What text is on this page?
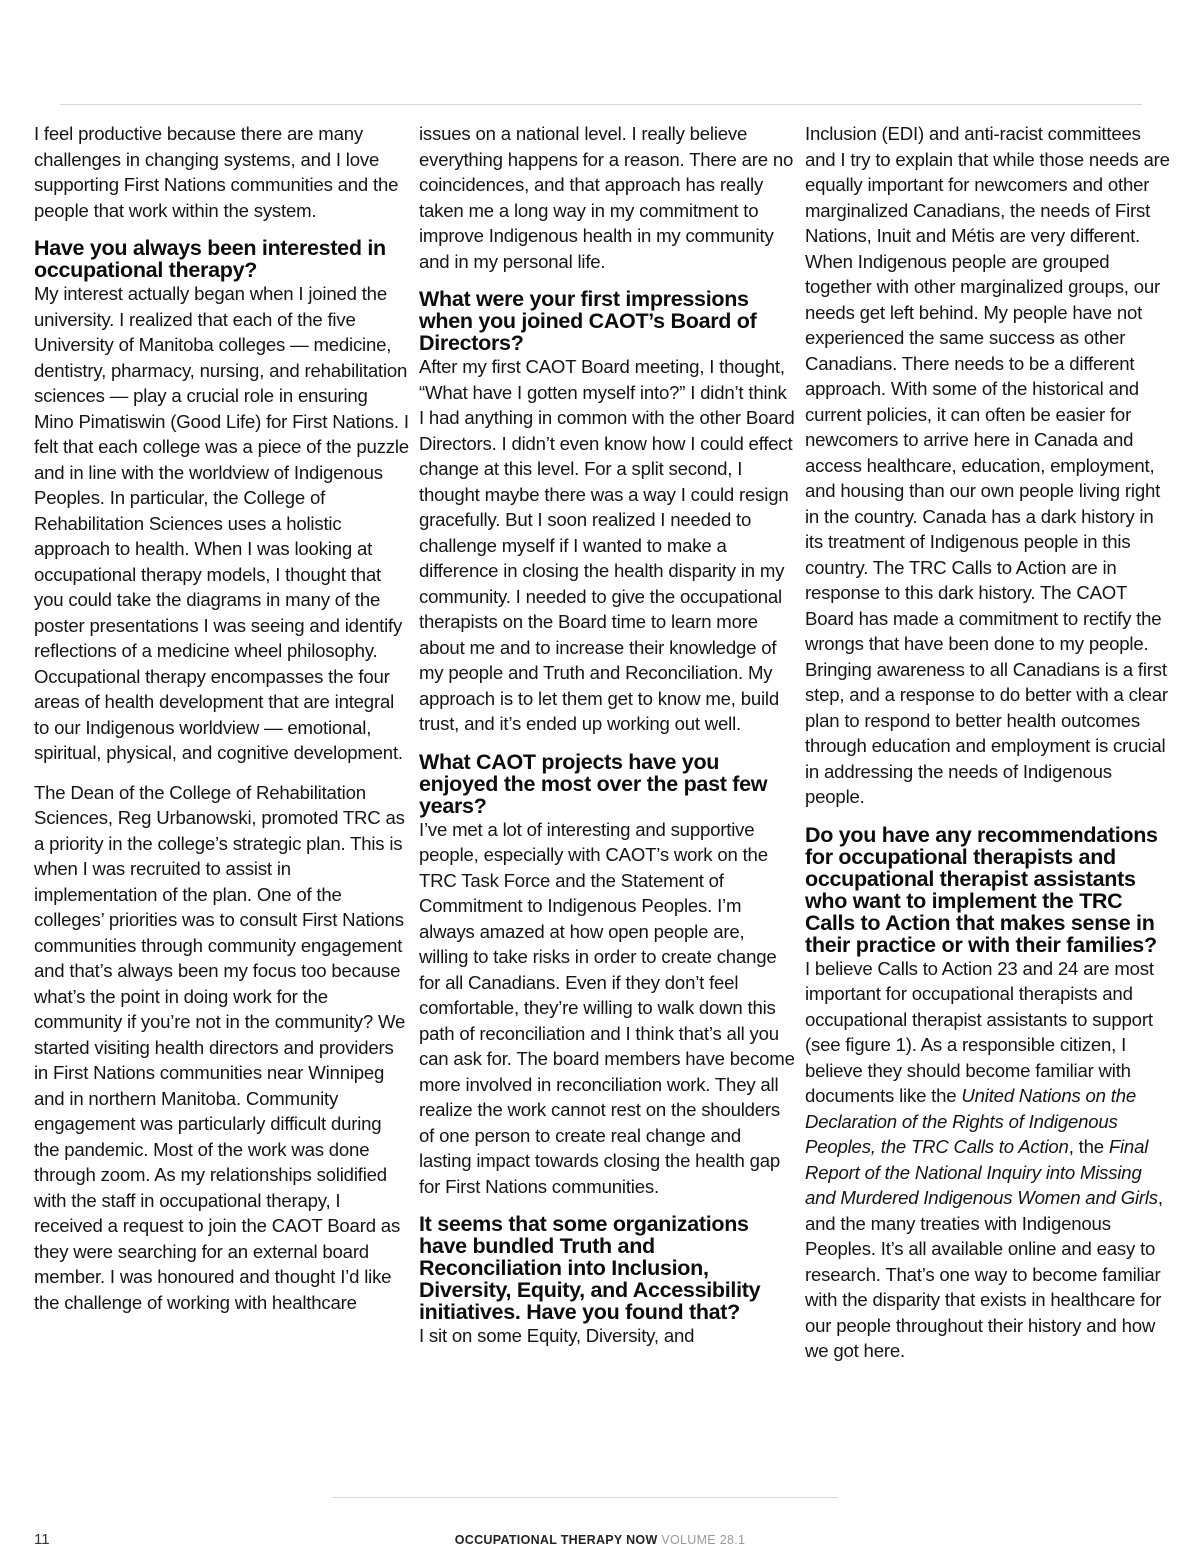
I feel productive because there are many challenges in changing systems, and I love supporting First Nations communities and the people that work within the system.

Have you always been interested in occupational therapy?

My interest actually began when I joined the university. I realized that each of the five University of Manitoba colleges — medicine, dentistry, pharmacy, nursing, and rehabilitation sciences — play a crucial role in ensuring Mino Pimatiswin (Good Life) for First Nations. I felt that each college was a piece of the puzzle and in line with the worldview of Indigenous Peoples. In particular, the College of Rehabilitation Sciences uses a holistic approach to health. When I was looking at occupational therapy models, I thought that you could take the diagrams in many of the poster presentations I was seeing and identify reflections of a medicine wheel philosophy. Occupational therapy encompasses the four areas of health development that are integral to our Indigenous worldview — emotional, spiritual, physical, and cognitive development.

The Dean of the College of Rehabilitation Sciences, Reg Urbanowski, promoted TRC as a priority in the college’s strategic plan. This is when I was recruited to assist in implementation of the plan. One of the colleges’ priorities was to consult First Nations communities through community engagement and that’s always been my focus too because what’s the point in doing work for the community if you’re not in the community? We started visiting health directors and providers in First Nations communities near Winnipeg and in northern Manitoba. Community engagement was particularly difficult during the pandemic. Most of the work was done through zoom. As my relationships solidified with the staff in occupational therapy, I received a request to join the CAOT Board as they were searching for an external board member. I was honoured and thought I’d like the challenge of working with healthcare

issues on a national level. I really believe everything happens for a reason. There are no coincidences, and that approach has really taken me a long way in my commitment to improve Indigenous health in my community and in my personal life.

What were your first impressions when you joined CAOT’s Board of Directors?

After my first CAOT Board meeting, I thought, “What have I gotten myself into?” I didn’t think I had anything in common with the other Board Directors. I didn’t even know how I could effect change at this level. For a split second, I thought maybe there was a way I could resign gracefully. But I soon realized I needed to challenge myself if I wanted to make a difference in closing the health disparity in my community. I needed to give the occupational therapists on the Board time to learn more about me and to increase their knowledge of my people and Truth and Reconciliation. My approach is to let them get to know me, build trust, and it’s ended up working out well.

What CAOT projects have you enjoyed the most over the past few years?

I’ve met a lot of interesting and supportive people, especially with CAOT’s work on the TRC Task Force and the Statement of Commitment to Indigenous Peoples. I’m always amazed at how open people are, willing to take risks in order to create change for all Canadians. Even if they don’t feel comfortable, they’re willing to walk down this path of reconciliation and I think that’s all you can ask for. The board members have become more involved in reconciliation work. They all realize the work cannot rest on the shoulders of one person to create real change and lasting impact towards closing the health gap for First Nations communities.

It seems that some organizations have bundled Truth and Reconciliation into Inclusion, Diversity, Equity, and Accessibility initiatives. Have you found that?

I sit on some Equity, Diversity, and

Inclusion (EDI) and anti-racist committees and I try to explain that while those needs are equally important for newcomers and other marginalized Canadians, the needs of First Nations, Inuit and Métis are very different. When Indigenous people are grouped together with other marginalized groups, our needs get left behind. My people have not experienced the same success as other Canadians. There needs to be a different approach. With some of the historical and current policies, it can often be easier for newcomers to arrive here in Canada and access healthcare, education, employment, and housing than our own people living right in the country. Canada has a dark history in its treatment of Indigenous people in this country. The TRC Calls to Action are in response to this dark history. The CAOT Board has made a commitment to rectify the wrongs that have been done to my people. Bringing awareness to all Canadians is a first step, and a response to do better with a clear plan to respond to better health outcomes through education and employment is crucial in addressing the needs of Indigenous people.

Do you have any recommendations for occupational therapists and occupational therapist assistants who want to implement the TRC Calls to Action that makes sense in their practice or with their families?

I believe Calls to Action 23 and 24 are most important for occupational therapists and occupational therapist assistants to support (see figure 1). As a responsible citizen, I believe they should become familiar with documents like the United Nations on the Declaration of the Rights of Indigenous Peoples, the TRC Calls to Action, the Final Report of the National Inquiry into Missing and Murdered Indigenous Women and Girls, and the many treaties with Indigenous Peoples. It’s all available online and easy to research. That’s one way to become familiar with the disparity that exists in healthcare for our people throughout their history and how we got here.

11	OCCUPATIONAL THERAPY NOW VOLUME 28.1
